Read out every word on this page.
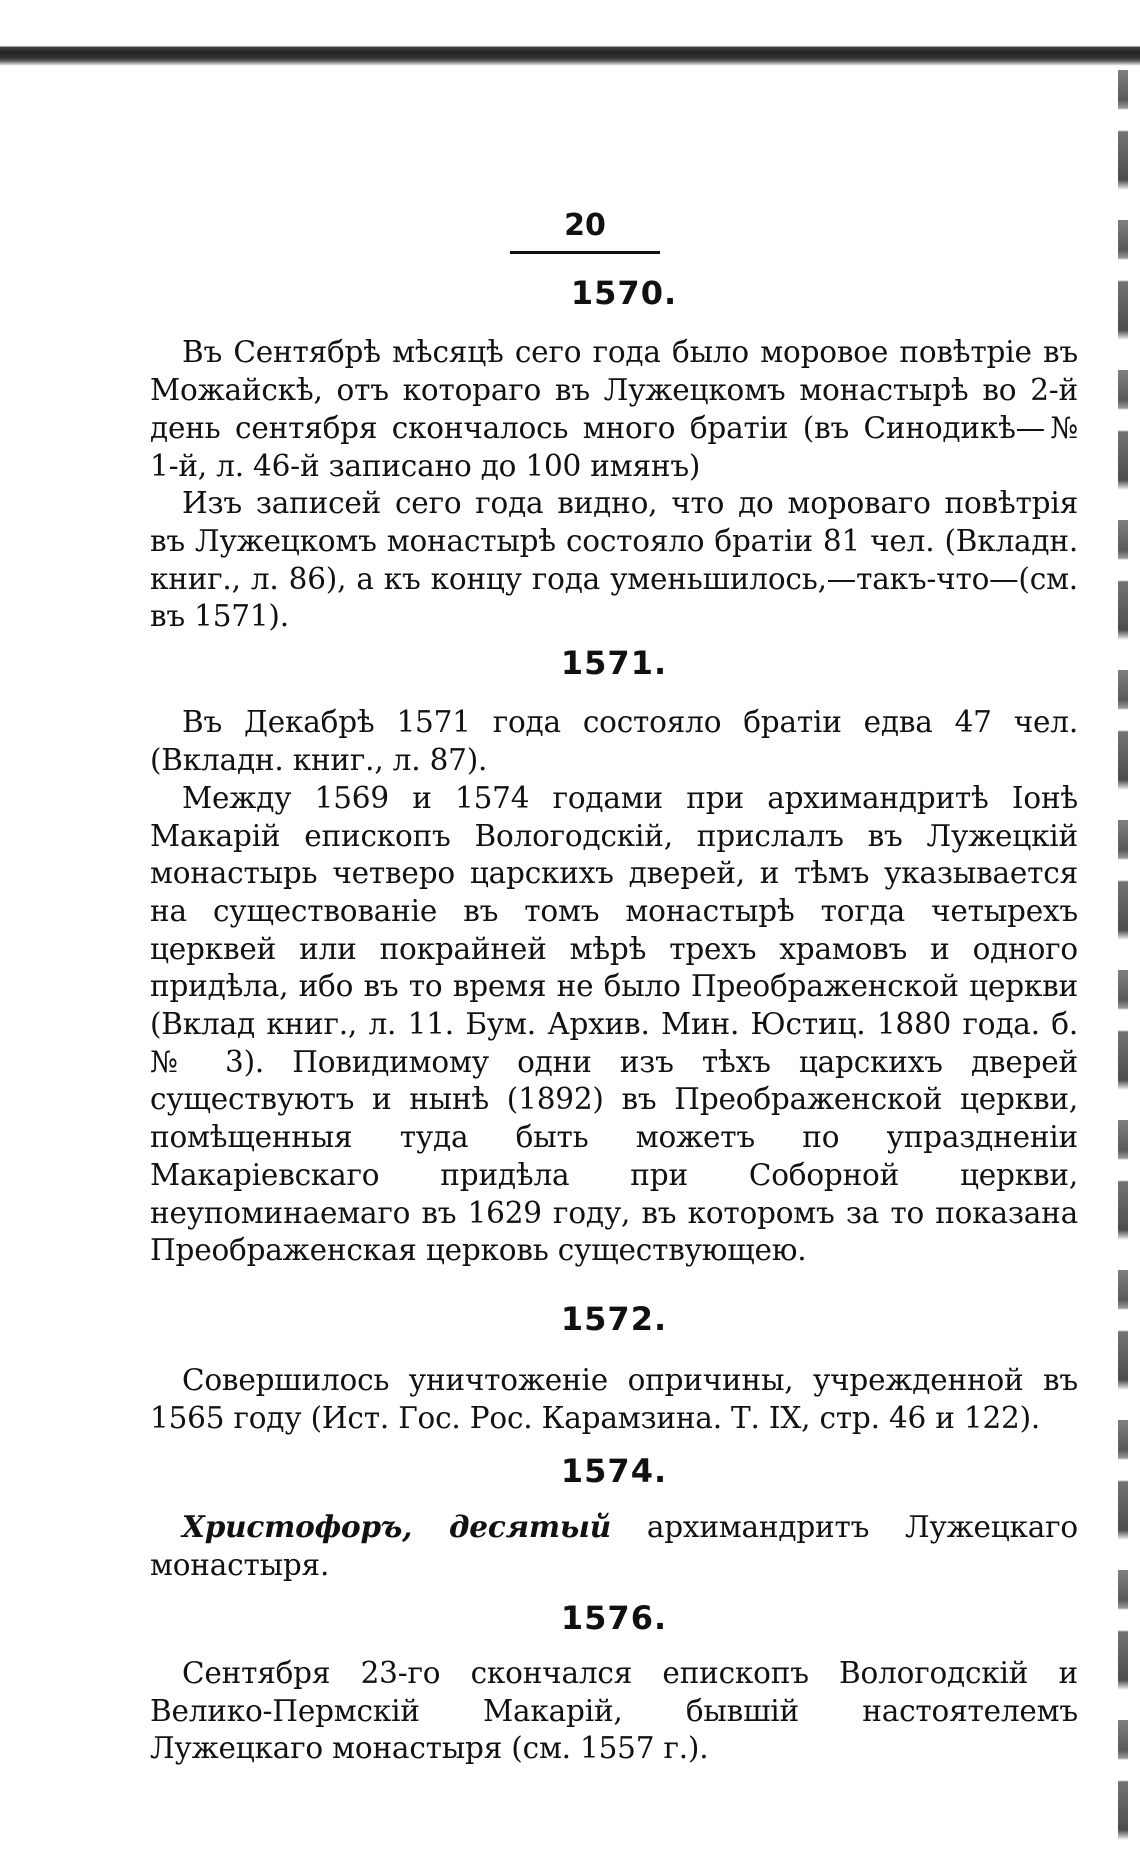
20
1570.

Въ Сентябрѣ мѣсяцѣ сего года было моровое повѣтріе въ Можайскѣ, отъ котораго въ Лужецкомъ монастырѣ во 2-й день сентября скончалось много братіи (въ Синодикѣ—№ 1-й, л. 46-й записано до 100 имянъ)

Изъ записей сего года видно, что до мороваго повѣтрія въ Лужецкомъ монастырѣ состояло братіи 81 чел. (Вкладн. книг., л. 86), а къ концу года уменьшилось,—такъ-что—(см. въ 1571).

1571.

Въ Декабрѣ 1571 года состояло братіи едва 47 чел. (Вкладн. книг., л. 87).

Между 1569 и 1574 годами при архимандритѣ Іонѣ Макарій епископъ Вологодскій, прислалъ въ Лужецкій монастырь четверо царскихъ дверей, и тѣмъ указывается на существованіе въ томъ монастырѣ тогда четырехъ церквей или покрайней мѣрѣ трехъ храмовъ и одного придѣла, ибо въ то время не было Преображенской церкви (Вклад книг., л. 11. Бум. Архив. Мин. Юстиц. 1880 года. б. № 3). Повидимому одни изъ тѣхъ царскихъ дверей существуютъ и нынѣ (1892) въ Преображенской церкви, помѣщенныя туда быть можетъ по упраздненіи Макаріевскаго придѣла при Соборной церкви, неупоминаемаго въ 1629 году, въ которомъ за то показана Преображенская церковь существующею.

1572.

Совершилось уничтоженіе опричины, учрежденной въ 1565 году (Ист. Гос. Рос. Карамзина. Т. IX, стр. 46 и 122).

1574.

Христофоръ, десятый архимандритъ Лужецкаго монастыря.

1576.

Сентября 23-го скончался епископъ Вологодскій и Велико-Пермскій Макарій, бывшій настоятелемъ Лужецкаго монастыря (см. 1557 г.).
